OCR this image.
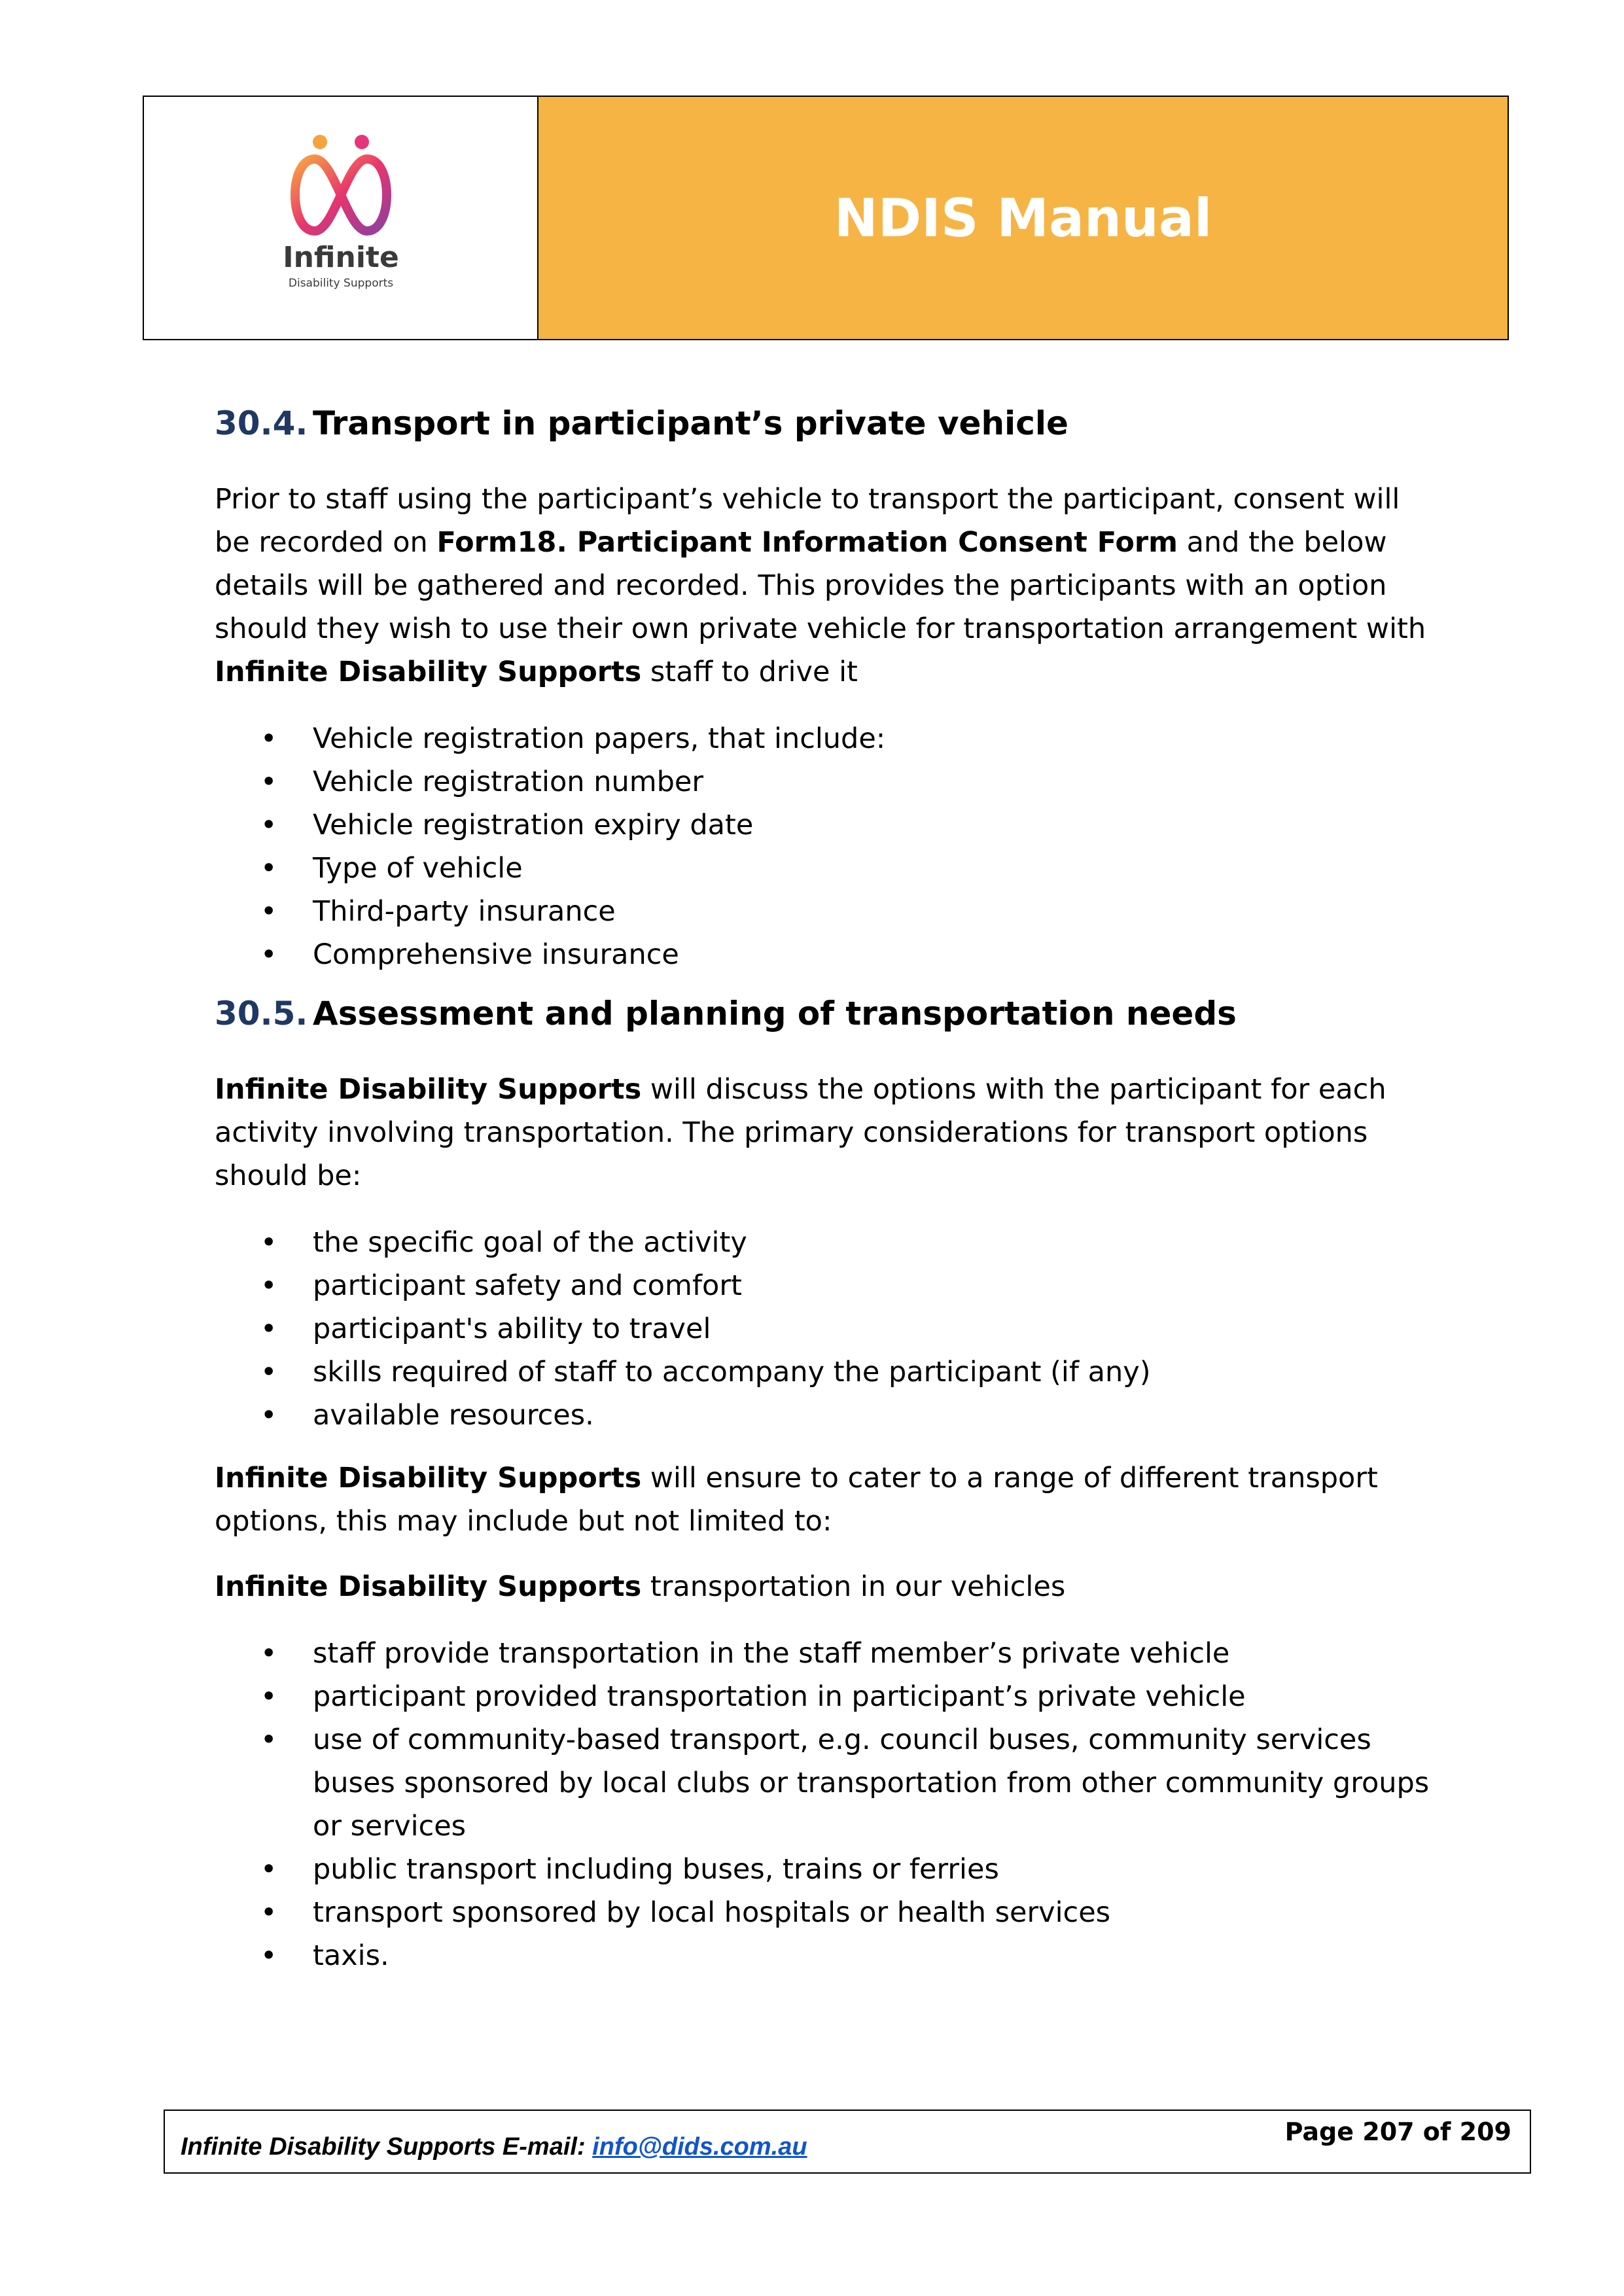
Infinite
Disability Supports
NDIS Manual
30.4. Transport in participant’s private vehicle

Prior to staff using the participant’s vehicle to transport the participant, consent will be recorded on Form18. Participant Information Consent Form and the below details will be gathered and recorded. This provides the participants with an option should they wish to use their own private vehicle for transportation arrangement with Infinite Disability Supports staff to drive it

• Vehicle registration papers, that include:
• Vehicle registration number
• Vehicle registration expiry date
• Type of vehicle
• Third-party insurance
• Comprehensive insurance
30.5. Assessment and planning of transportation needs

Infinite Disability Supports will discuss the options with the participant for each activity involving transportation. The primary considerations for transport options should be:

• the specific goal of the activity
• participant safety and comfort
• participant's ability to travel
• skills required of staff to accompany the participant (if any)
• available resources.

Infinite Disability Supports will ensure to cater to a range of different transport options, this may include but not limited to:

Infinite Disability Supports transportation in our vehicles

• staff provide transportation in the staff member’s private vehicle
• participant provided transportation in participant’s private vehicle
• use of community-based transport, e.g. council buses, community services buses sponsored by local clubs or transportation from other community groups or services
• public transport including buses, trains or ferries
• transport sponsored by local hospitals or health services
• taxis.
Infinite Disability Supports E-mail: info@dids.com.au
Page 207 of 209
